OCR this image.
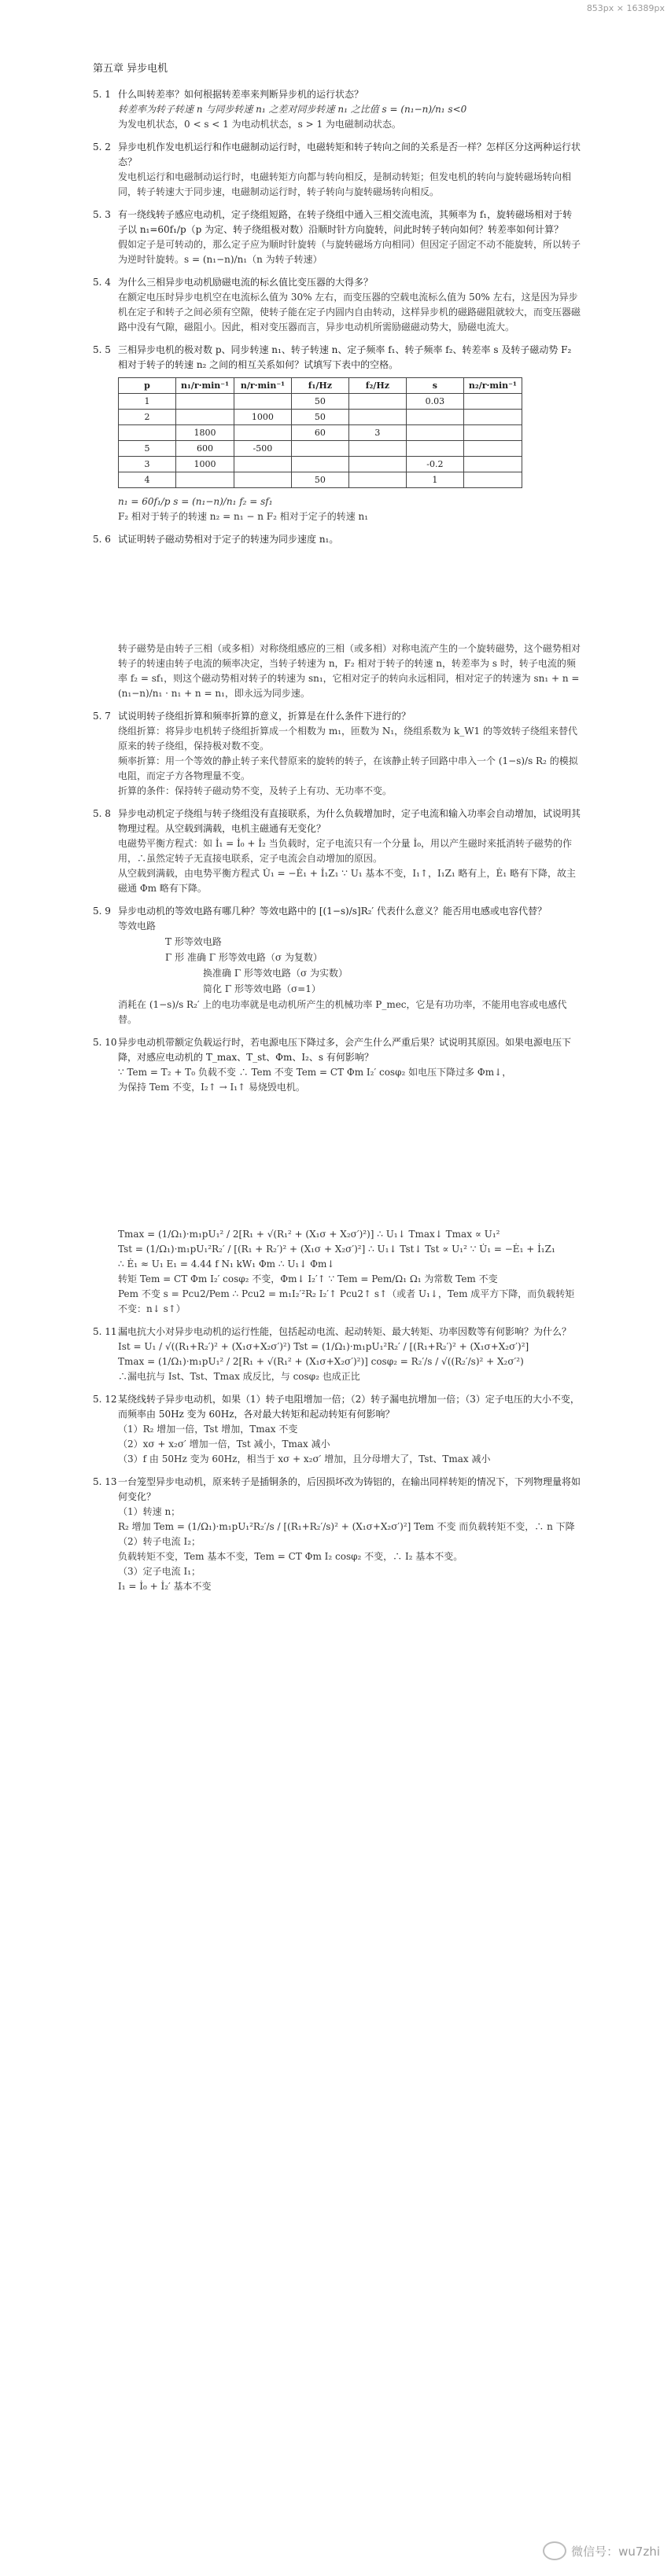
853px × 16389px
第五章 异步电机
5. 1 什么叫转差率？如何根据转差率来判断异步机的运行状态？

转差率为转子转速 n 与同步转速 n₁ 之差对同步转速 n₁ 之比值 s = (n₁−n)/n₁ s<0

为发电机状态，0 < s < 1 为电动机状态，s > 1 为电磁制动状态。

5. 2 异步电机作发电机运行和作电磁制动运行时，电磁转矩和转子转向之间的关系是否一样？怎样区分这两种运行状态？

发电机运行和电磁制动运行时，电磁转矩方向都与转向相反，是制动转矩；但发电机的转向与旋转磁场转向相同，转子转速大于同步速，电磁制动运行时，转子转向与旋转磁场转向相反。

5. 3 有一绕线转子感应电动机，定子绕组短路，在转子绕组中通入三相交流电流，其频率为 f₁，旋转磁场相对于转子以 n₁=60f₁/p（p 为定、转子绕组极对数）沿顺时针方向旋转，问此时转子转向如何？转差率如何计算？

假如定子是可转动的，那么定子应为顺时针旋转（与旋转磁场方向相同）但因定子固定不动不能旋转，所以转子为逆时针旋转。s = (n₁−n)/n₁（n 为转子转速）

5. 4 为什么三相异步电动机励磁电流的标幺值比变压器的大得多？

在额定电压时异步电机空在电流标么值为 30% 左右，而变压器的空载电流标么值为 50% 左右，这是因为异步机在定子和转子之间必须有空隙，使转子能在定子内圆内自由转动，这样异步机的磁路磁阻就较大，而变压器磁路中没有气隙，磁阻小。因此，相对变压器而言，异步电动机所需励磁磁动势大，励磁电流大。

5. 5 三相异步电机的极对数 p、同步转速 n₁、转子转速 n、定子频率 f₁、转子频率 f₂、转差率 s 及转子磁动势 F₂ 相对于转子的转速 n₂ 之间的相互关系如何？试填写下表中的空格。
p	n₁/r·min⁻¹	n/r·min⁻¹	f₁/Hz	f₂/Hz	s	n₂/r·min⁻¹
1			50		0.03	
2		1000	50			
	1800		60	3		
5	600	-500				
3	1000				-0.2	
4			50		1	

n₁ = 60f₁/p s = (n₁−n)/n₁ f₂ = sf₁

F₂ 相对于转子的转速 n₂ = n₁ − n F₂ 相对于定子的转速 n₁

5. 6 试证明转子磁动势相对于定子的转速为同步速度 n₁。

转子磁势是由转子三相（或多相）对称绕组感应的三相（或多相）对称电流产生的一个旋转磁势，这个磁势相对转子的转速由转子电流的频率决定，当转子转速为 n，F₂ 相对于转子的转速 n，转差率为 s 时，转子电流的频率 f₂ = sf₁，则这个磁动势相对转子的转速为 sn₁，它相对定子的转向永远相同，相对定子的转速为 sn₁ + n = (n₁−n)/n₁ · n₁ + n = n₁，即永远为同步速。

5. 7 试说明转子绕组折算和频率折算的意义，折算是在什么条件下进行的？

绕组折算：将异步电机转子绕组折算成一个相数为 m₁，匝数为 N₁，绕组系数为 k_W1 的等效转子绕组来替代原来的转子绕组，保持极对数不变。

频率折算：用一个等效的静止转子来代替原来的旋转的转子，在该静止转子回路中串入一个 (1−s)/s R₂ 的模拟电阻，而定子方各物理量不变。

折算的条件：保持转子磁动势不变，及转子上有功、无功率不变。

5. 8 异步电动机定子绕组与转子绕组没有直接联系，为什么负载增加时，定子电流和输入功率会自动增加，试说明其物理过程。从空载到满载，电机主磁通有无变化？

电磁势平衡方程式：如 İ₁ = İ₀ + İ₂ 当负载时，定子电流只有一个分量 İ₀，用以产生磁时来抵消转子磁势的作用，∴虽然定转子无直接电联系，定子电流会自动增加的原因。

从空载到满载，由电势平衡方程式 U̇₁ = −Ė₁ + İ₁Z₁ ∵ U₁ 基本不变，I₁↑，I₁Z₁ 略有上，Ė₁ 略有下降，故主磁通 Φm 略有下降。

5. 9 异步电动机的等效电路有哪几种？等效电路中的 [(1−s)/s]R₂′ 代表什么意义？能否用电感或电容代替？

等效电路

T 形等效电路
Γ 形 准确 Γ 形等效电路（σ 为复数）
换准确 Γ 形等效电路（σ 为实数）
简化 Γ 形等效电路（σ=1）

消耗在 (1−s)/s R₂′ 上的电功率就是电动机所产生的机械功率 P_mec，它是有功功率，不能用电容或电感代替。

5. 10 异步电动机带额定负载运行时，若电源电压下降过多，会产生什么严重后果？试说明其原因。如果电源电压下降，对感应电动机的 T_max、T_st、Φm、I₂、s 有何影响？

∵ Tem = T₂ + T₀ 负载不变 ∴ Tem 不变 Tem = CT Φm I₂′ cosφ₂ 如电压下降过多 Φm↓，

为保持 Tem 不变，I₂↑ → I₁↑ 易烧毁电机。

Tmax = (1/Ω₁)·m₁pU₁² / 2[R₁ + √(R₁² + (X₁σ + X₂σ′)²)] ∴ U₁↓ Tmax↓ Tmax ∝ U₁²

Tst = (1/Ω₁)·m₁pU₁²R₂′ / [(R₁ + R₂′)² + (X₁σ + X₂σ′)²] ∴ U₁↓ Tst↓ Tst ∝ U₁² ∵ U̇₁ = −Ė₁ + İ₁Z₁

∴ Ė₁ ≈ U₁ E₁ = 4.44 f N₁ kW₁ Φm ∴ U₁↓ Φm↓

转矩 Tem = CT Φm I₂′ cosφ₂ 不变，Φm↓ I₂′↑ ∵ Tem = Pem/Ω₁ Ω₁ 为常数 Tem 不变

Pem 不变 s = Pcu2/Pem ∴ Pcu2 = m₁I₂′²R₂ I₂′↑ Pcu2↑ s↑（或者 U₁↓，Tem 成平方下降，而负载转矩不变：n↓ s↑）

5. 11 漏电抗大小对异步电动机的运行性能，包括起动电流、起动转矩、最大转矩、功率因数等有何影响？为什么？

Ist = U₁ / √((R₁+R₂′)² + (X₁σ+X₂σ′)²) Tst = (1/Ω₁)·m₁pU₁²R₂′ / [(R₁+R₂′)² + (X₁σ+X₂σ′)²]

Tmax = (1/Ω₁)·m₁pU₁² / 2[R₁ + √(R₁² + (X₁σ+X₂σ′)²)] cosφ₂ = R₂′/s / √((R₂′/s)² + X₂σ′²)

∴漏电抗与 Ist、Tst、Tmax 成反比，与 cosφ₂ 也成正比

5. 12 某绕线转子异步电动机，如果（1）转子电阻增加一倍；（2）转子漏电抗增加一倍；（3）定子电压的大小不变，而频率由 50Hz 变为 60Hz，各对最大转矩和起动转矩有何影响？

（1）R₂ 增加一倍，Tst 增加，Tmax 不变

（2）xσ + x₂σ′ 增加一倍，Tst 减小，Tmax 减小

（3）f 由 50Hz 变为 60Hz，相当于 xσ + x₂σ′ 增加，且分母增大了，Tst、Tmax 减小

5. 13 一台笼型异步电动机，原来转子是插铜条的，后因损坏改为铸铝的，在输出同样转矩的情况下，下列物理量将如何变化？

（1）转速 n；

R₂ 增加 Tem = (1/Ω₁)·m₁pU₁²R₂′/s / [(R₁+R₂′/s)² + (X₁σ+X₂σ′)²] Tem 不变 而负载转矩不变，∴ n 下降

（2）转子电流 I₂；

负载转矩不变，Tem 基本不变，Tem = CT Φm I₂ cosφ₂ 不变，∴ I₂ 基本不变。

（3）定子电流 I₁；

I₁ = İ₀ + İ₂′ 基本不变

微信号：wu7zhi
